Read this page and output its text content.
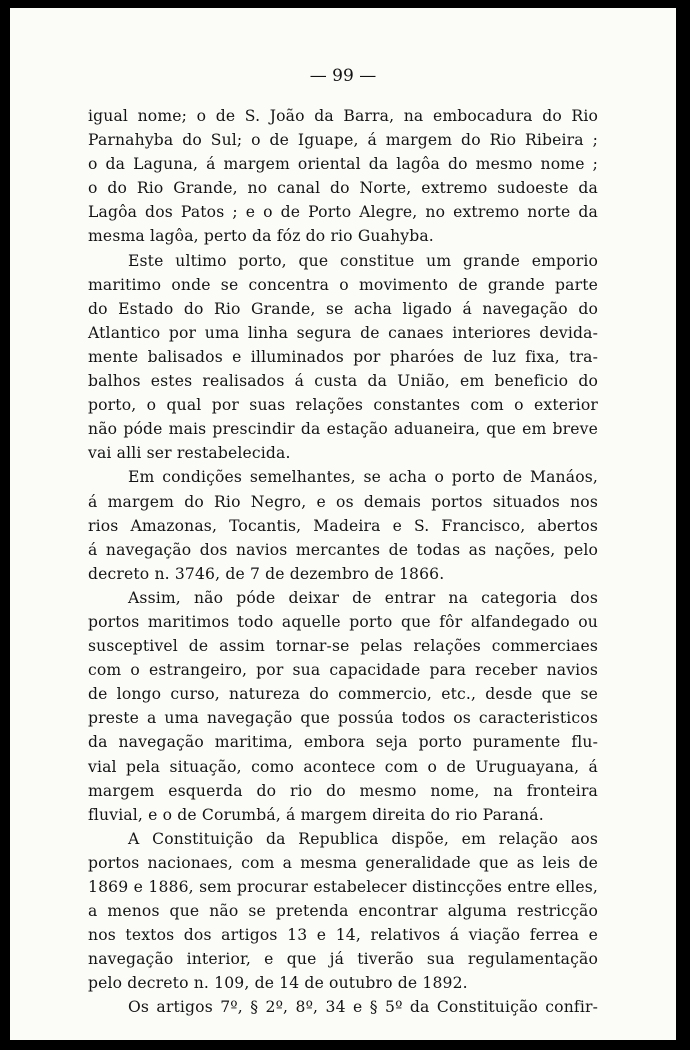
— 99 —
igual nome; o de S. João da Barra, na embocadura do Rio
Parnahyba do Sul; o de Iguape, á margem do Rio Ribeira ;
o da Laguna, á margem oriental da lagôa do mesmo nome ;
o do Rio Grande, no canal do Norte, extremo sudoeste da
Lagôa dos Patos ; e o de Porto Alegre, no extremo norte da
mesma lagôa, perto da fóz do rio Guahyba.
Este ultimo porto, que constitue um grande emporio
maritimo onde se concentra o movimento de grande parte
do Estado do Rio Grande, se acha ligado á navegação do
Atlantico por uma linha segura de canaes interiores devida-
mente balisados e illuminados por pharóes de luz fixa, tra-
balhos estes realisados á custa da União, em beneficio do
porto, o qual por suas relações constantes com o exterior
não póde mais prescindir da estação aduaneira, que em breve
vai alli ser restabelecida.
Em condições semelhantes, se acha o porto de Manáos,
á margem do Rio Negro, e os demais portos situados nos
rios Amazonas, Tocantis, Madeira e S. Francisco, abertos
á navegação dos navios mercantes de todas as nações, pelo
decreto n. 3746, de 7 de dezembro de 1866.
Assim, não póde deixar de entrar na categoria dos
portos maritimos todo aquelle porto que fôr alfandegado ou
susceptivel de assim tornar-se pelas relações commerciaes
com o estrangeiro, por sua capacidade para receber navios
de longo curso, natureza do commercio, etc., desde que se
preste a uma navegação que possúa todos os caracteristicos
da navegação maritima, embora seja porto puramente flu-
vial pela situação, como acontece com o de Uruguayana, á
margem esquerda do rio do mesmo nome, na fronteira
fluvial, e o de Corumbá, á margem direita do rio Paraná.
A Constituição da Republica dispõe, em relação aos
portos nacionaes, com a mesma generalidade que as leis de
1869 e 1886, sem procurar estabelecer distincções entre elles,
a menos que não se pretenda encontrar alguma restricção
nos textos dos artigos 13 e 14, relativos á viação ferrea e
navegação interior, e que já tiverão sua regulamentação
pelo decreto n. 109, de 14 de outubro de 1892.
Os artigos 7º, § 2º, 8º, 34 e § 5º da Constituição confir-
